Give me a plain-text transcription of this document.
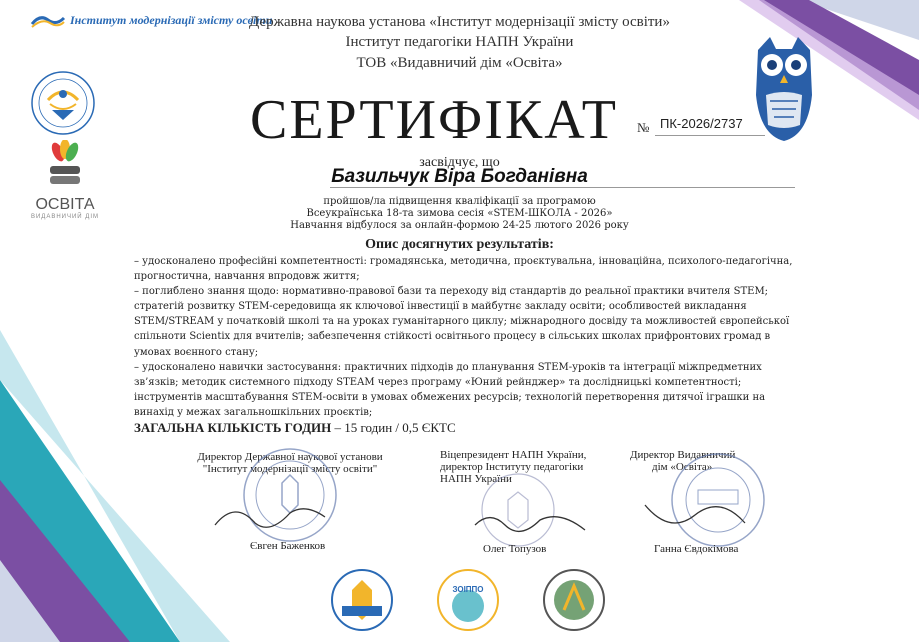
Інститут модернізації змісту освіти
ОСВІТА
ВИДАВНИЧИЙ ДІМ
Державна наукова установа «Інститут модернізації змісту освіти»
Інститут педагогіки НАПН України
ТОВ «Видавничий дім «Освіта»
СЕРТИФІКАТ № ПК-2026/2737
засвідчує, що
Базильчук Віра Богданівна
пройшов/ла підвищення кваліфікації за програмою
Всеукраїнська 18-та зимова сесія «STEM-ШКОЛА - 2026»
Навчання відбулося за онлайн-формою 24-25 лютого 2026 року
Опис досягнутих результатів:

– удосконалено професійні компетентності: громадянська, методична, проєктувальна, інноваційна, психолого-педагогічна, прогностична, навчання впродовж життя;

– поглиблено знання щодо: нормативно-правової бази та переходу від стандартів до реальної практики вчителя STEM; стратегій розвитку STEM-середовища як ключової інвестиції в майбутнє закладу освіти; особливостей викладання STEM/STREAM у початковій школі та на уроках гуманітарного циклу; міжнародного досвіду та можливостей європейської спільноти Scientix для вчителів; забезпечення стійкості освітнього процесу в сільських школах прифронтових громад в умовах воєнного стану;

– удосконалено навички застосування: практичних підходів до планування STEM-уроків та інтеграції міжпредметних зв’язків; методик системного підходу STEAM через програму «Юний рейнджер» та дослідницькі компетентності; інструментів масштабування STEM-освіти в умовах обмежених ресурсів; технологій перетворення дитячої іграшки на винахід у межах загальношкільних проєктів;

ЗАГАЛЬНА КІЛЬКІСТЬ ГОДИН – 15 годин / 0,5 ЄКТС
Директор Державної наукової установи
"Інститут модернізації змісту освіти"
Віцепрезидент НАПН України,
директор Інституту педагогіки
НАПН України
Директор Видавничий
дім «Освіта»
Євген Баженков	Олег Топузов	Ганна Євдокімова
ЗОІППО
